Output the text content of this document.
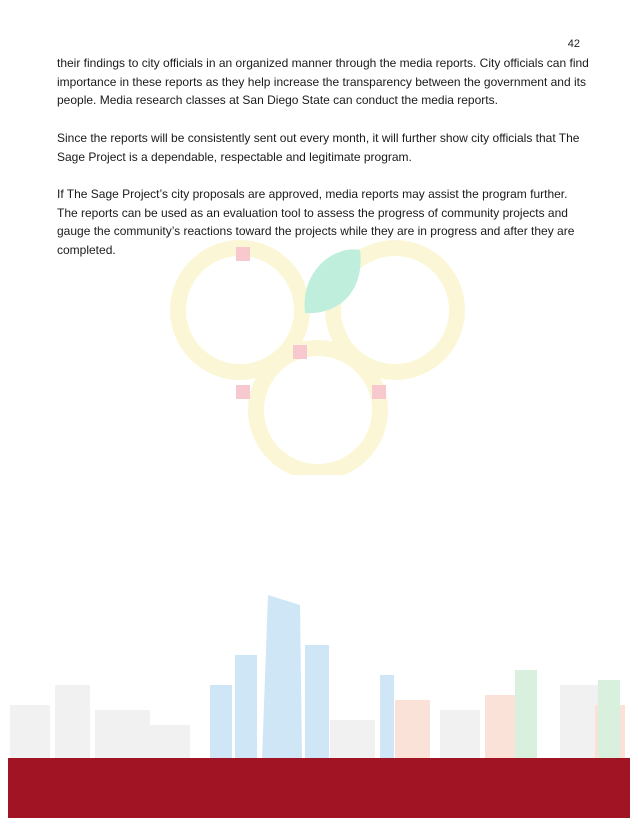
42

their findings to city officials in an organized manner through the media reports. City officials can find importance in these reports as they help increase the transparency between the government and its people. Media research classes at San Diego State can conduct the media reports.

Since the reports will be consistently sent out every month, it will further show city officials that The Sage Project is a dependable, respectable and legitimate program.

If The Sage Project’s city proposals are approved, media reports may assist the program further. The reports can be used as an evaluation tool to assess the progress of community projects and gauge the community’s reactions toward the projects while they are in progress and after they are completed.
